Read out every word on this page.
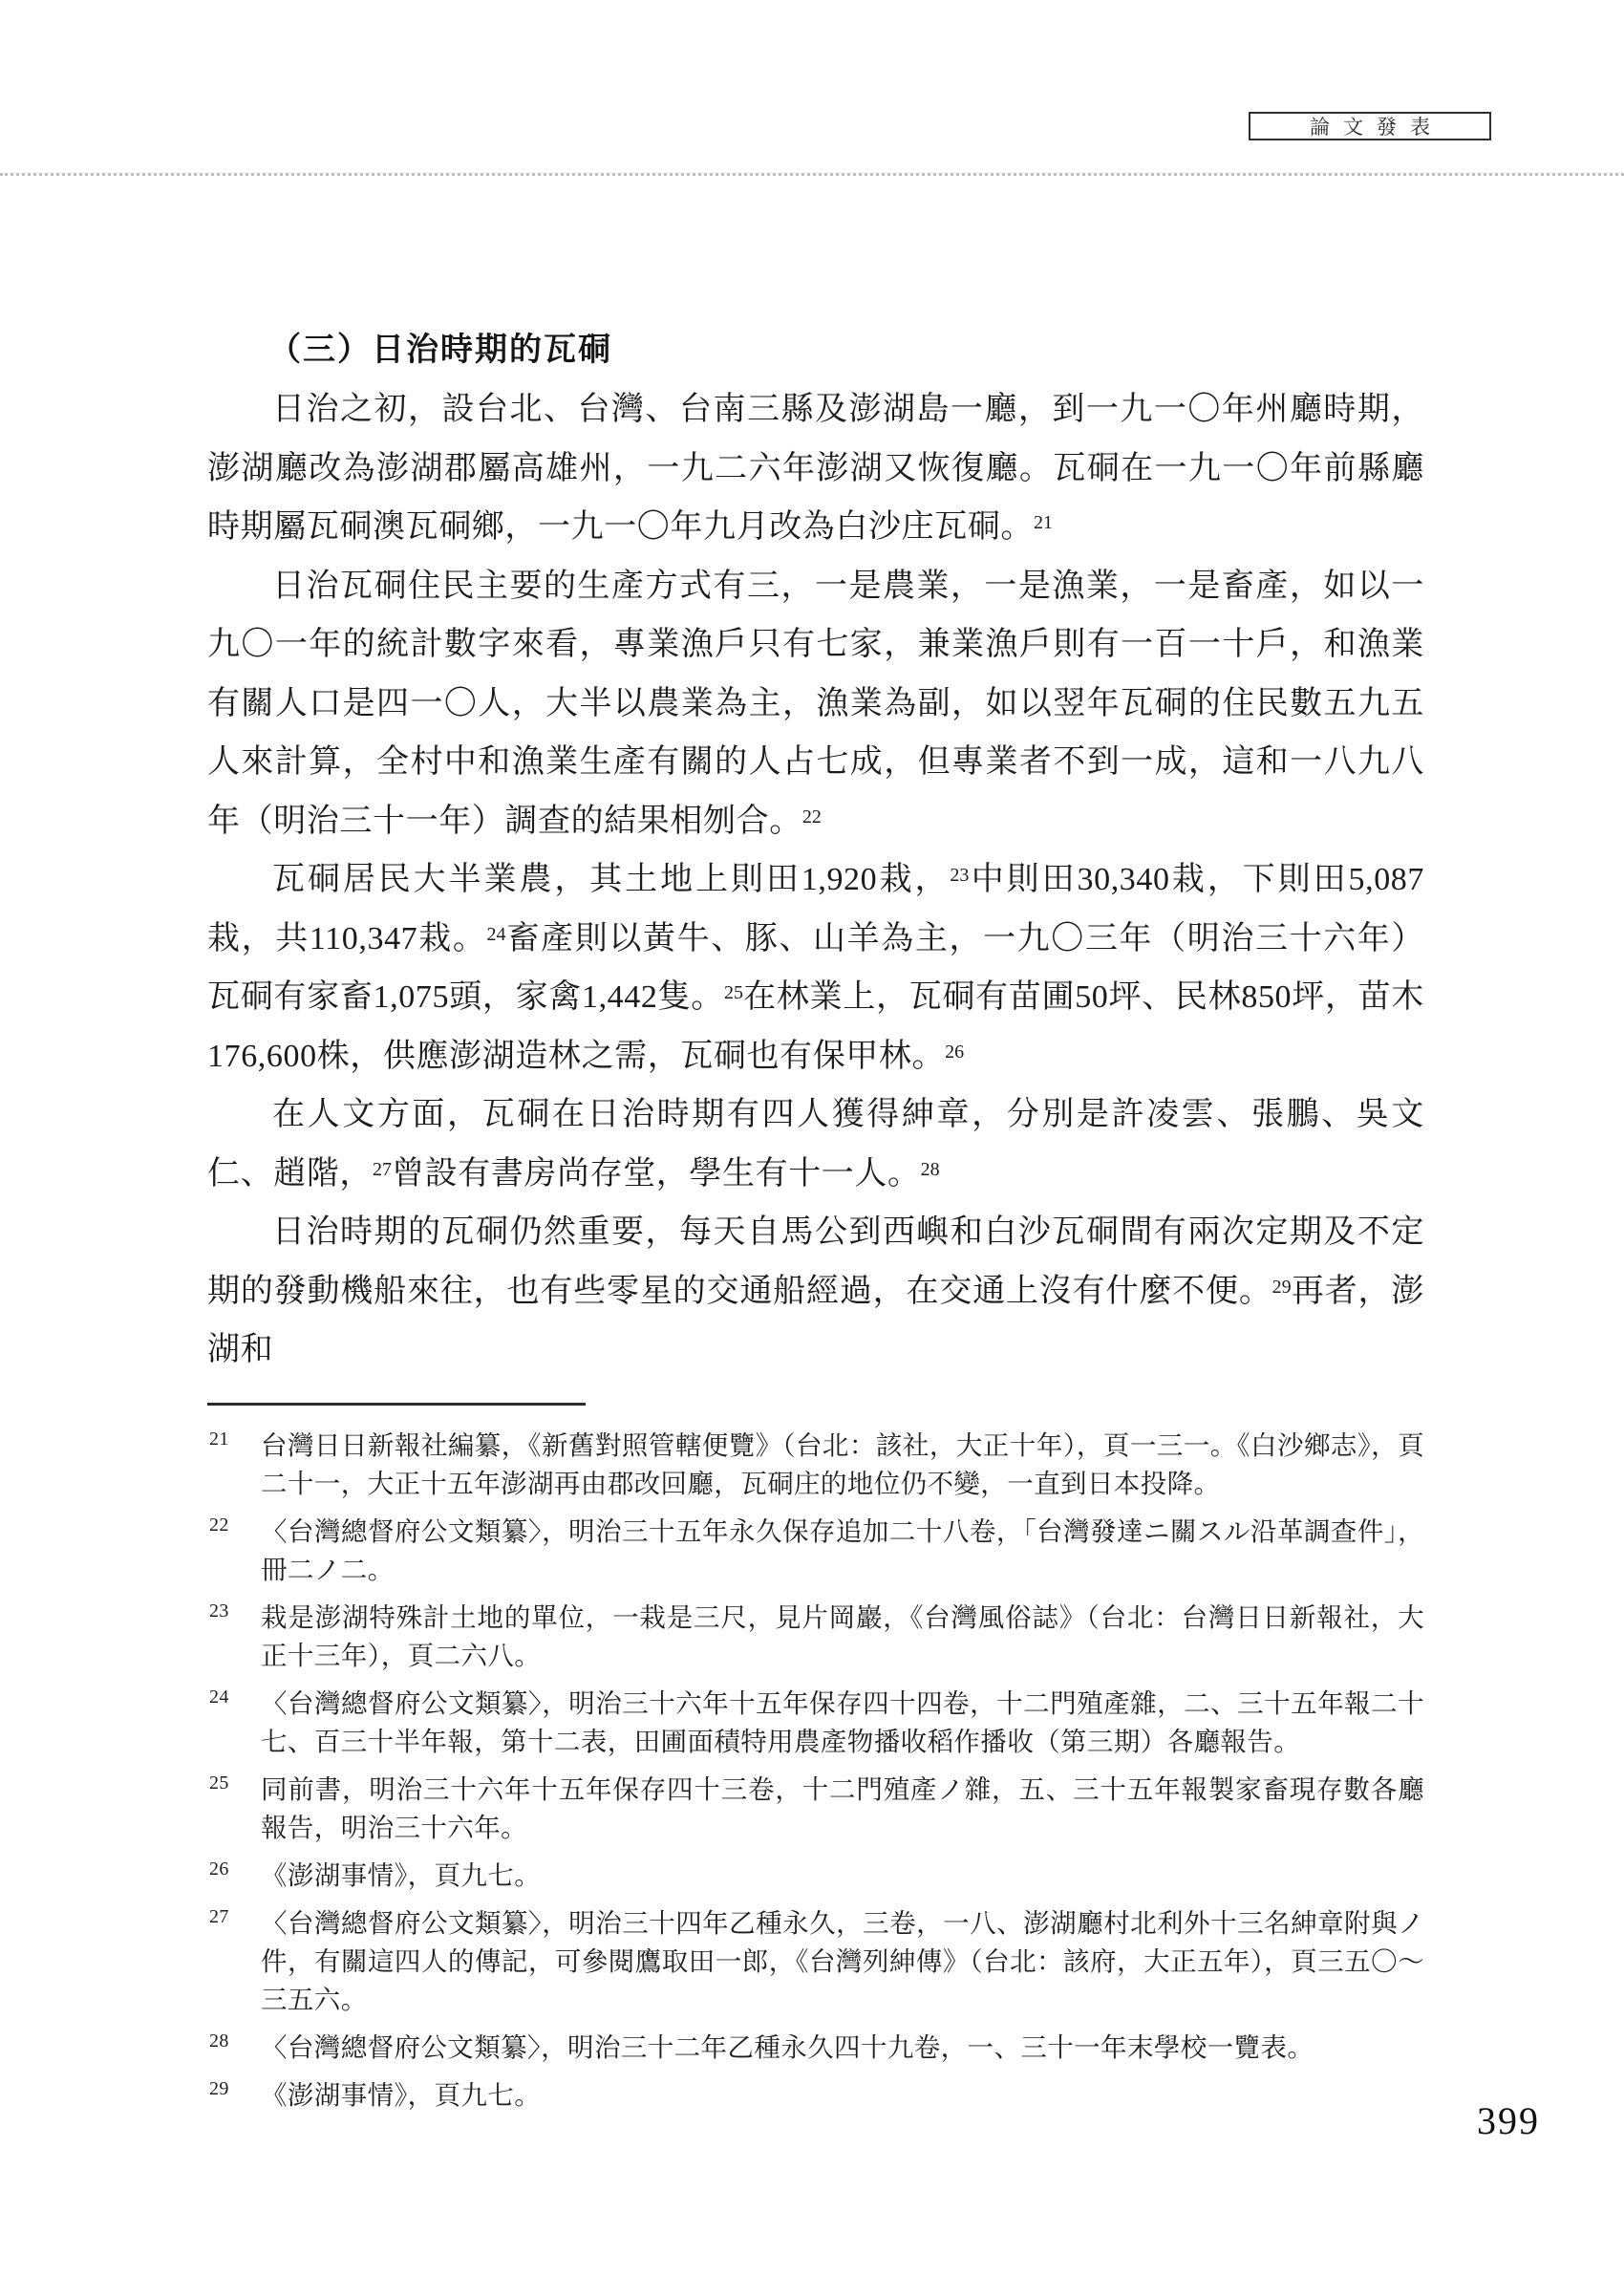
論文發表
（三）日治時期的瓦硐

日治之初，設台北、台灣、台南三縣及澎湖島一廳，到一九一〇年州廳時期，澎湖廳改為澎湖郡屬高雄州，一九二六年澎湖又恢復廳。瓦硐在一九一〇年前縣廳時期屬瓦硐澳瓦硐鄉，一九一〇年九月改為白沙庄瓦硐。$^{21}$

日治瓦硐住民主要的生產方式有三，一是農業，一是漁業，一是畜產，如以一九〇一年的統計數字來看，專業漁戶只有七家，兼業漁戶則有一百一十戶，和漁業有關人口是四一〇人，大半以農業為主，漁業為副，如以翌年瓦硐的住民數五九五人來計算，全村中和漁業生產有關的人占七成，但專業者不到一成，這和一八九八年（明治三十一年）調查的結果相刎合。$^{22}$

瓦硐居民大半業農，其土地上則田1,920栽，$^{23}$中則田30,340栽，下則田5,087栽，共110,347栽。$^{24}$畜產則以黃牛、豚、山羊為主，一九〇三年（明治三十六年）瓦硐有家畜1,075頭，家禽1,442隻。$^{25}$在林業上，瓦硐有苗圃50坪、民林850坪，苗木176,600株，供應澎湖造林之需，瓦硐也有保甲林。$^{26}$

在人文方面，瓦硐在日治時期有四人獲得紳章，分別是許凌雲、張鵬、吳文仁、趙階，$^{27}$曾設有書房尚存堂，學生有十一人。$^{28}$

日治時期的瓦硐仍然重要，每天自馬公到西嶼和白沙瓦硐間有兩次定期及不定期的發動機船來往，也有些零星的交通船經過，在交通上沒有什麼不便。$^{29}$再者，澎湖和

21 台灣日日新報社編纂，《新舊對照管轄便覽》（台北：該社，大正十年），頁一三一。《白沙鄉志》，頁二十一，大正十五年澎湖再由郡改回廳，瓦硐庄的地位仍不變，一直到日本投降。
22 〈台灣總督府公文類纂〉，明治三十五年永久保存追加二十八卷，「台灣發達ニ關スル沿革調查件」，冊二ノ二。
23 栽是澎湖特殊計土地的單位，一栽是三尺，見片岡巖，《台灣風俗誌》（台北：台灣日日新報社，大正十三年），頁二六八。
24 〈台灣總督府公文類纂〉，明治三十六年十五年保存四十四卷，十二門殖產雜，二、三十五年報二十七、百三十半年報，第十二表，田圃面積特用農產物播收稻作播收（第三期）各廳報告。
25 同前書，明治三十六年十五年保存四十三卷，十二門殖產ノ雜，五、三十五年報製家畜現存數各廳報告，明治三十六年。
26 《澎湖事情》，頁九七。
27 〈台灣總督府公文類纂〉，明治三十四年乙種永久，三卷，一八、澎湖廳村北利外十三名紳章附與ノ件，有關這四人的傳記，可參閱鷹取田一郎，《台灣列紳傳》（台北：該府，大正五年），頁三五〇～三五六。
28 〈台灣總督府公文類纂〉，明治三十二年乙種永久四十九卷，一、三十一年末學校一覽表。
29 《澎湖事情》，頁九七。
399
